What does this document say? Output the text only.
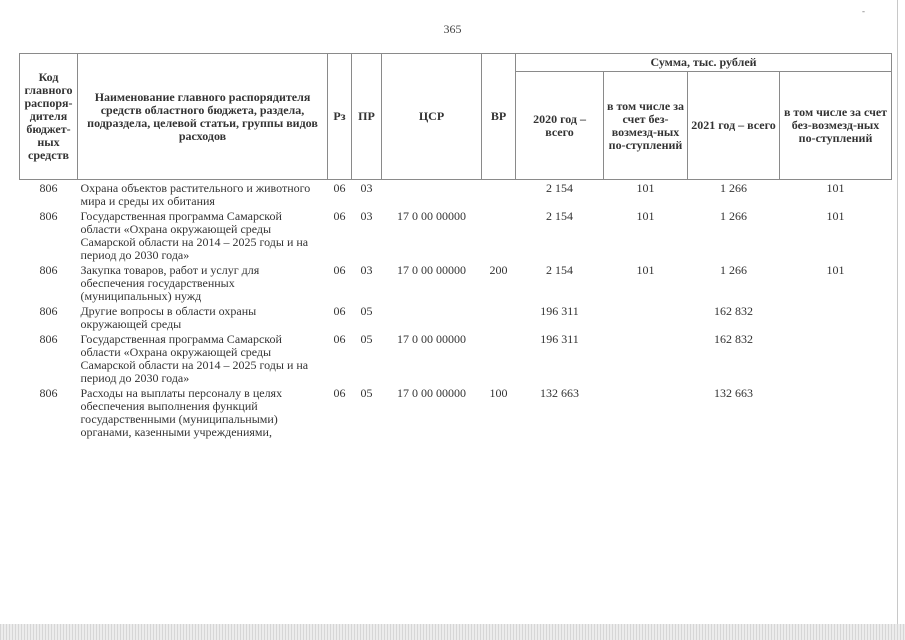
365
-
Код главного распоря-дителя бюджет-ных средств	Наименование главного распорядителя средств областного бюджета, раздела, подраздела, целевой статьи, группы видов расходов	Рз	ПР	ЦСР	ВР	Сумма, тыс. рублей			
						2020 год – всего	в том числе за счет без-возмезд-ных по-ступлений	2021 год – всего	в том числе за счет без-возмезд-ных по-ступлений
806	Охрана объектов растительного и животного мира и среды их обитания	06	03			2 154	101	1 266	101
806	Государственная программа Самарской области «Охрана окружающей среды Самарской области на 2014 – 2025 годы и на период до 2030 года»	06	03	17 0 00 00000		2 154	101	1 266	101
806	Закупка товаров, работ и услуг для обеспечения государственных (муниципальных) нужд	06	03	17 0 00 00000	200	2 154	101	1 266	101
806	Другие вопросы в области охраны окружающей среды	06	05			196 311		162 832	
806	Государственная программа Самарской области «Охрана окружающей среды Самарской области на 2014 – 2025 годы и на период до 2030 года»	06	05	17 0 00 00000		196 311		162 832	
806	Расходы на выплаты персоналу в целях обеспечения выполнения функций государственными (муниципальными) органами, казенными учреждениями,	06	05	17 0 00 00000	100	132 663		132 663	
